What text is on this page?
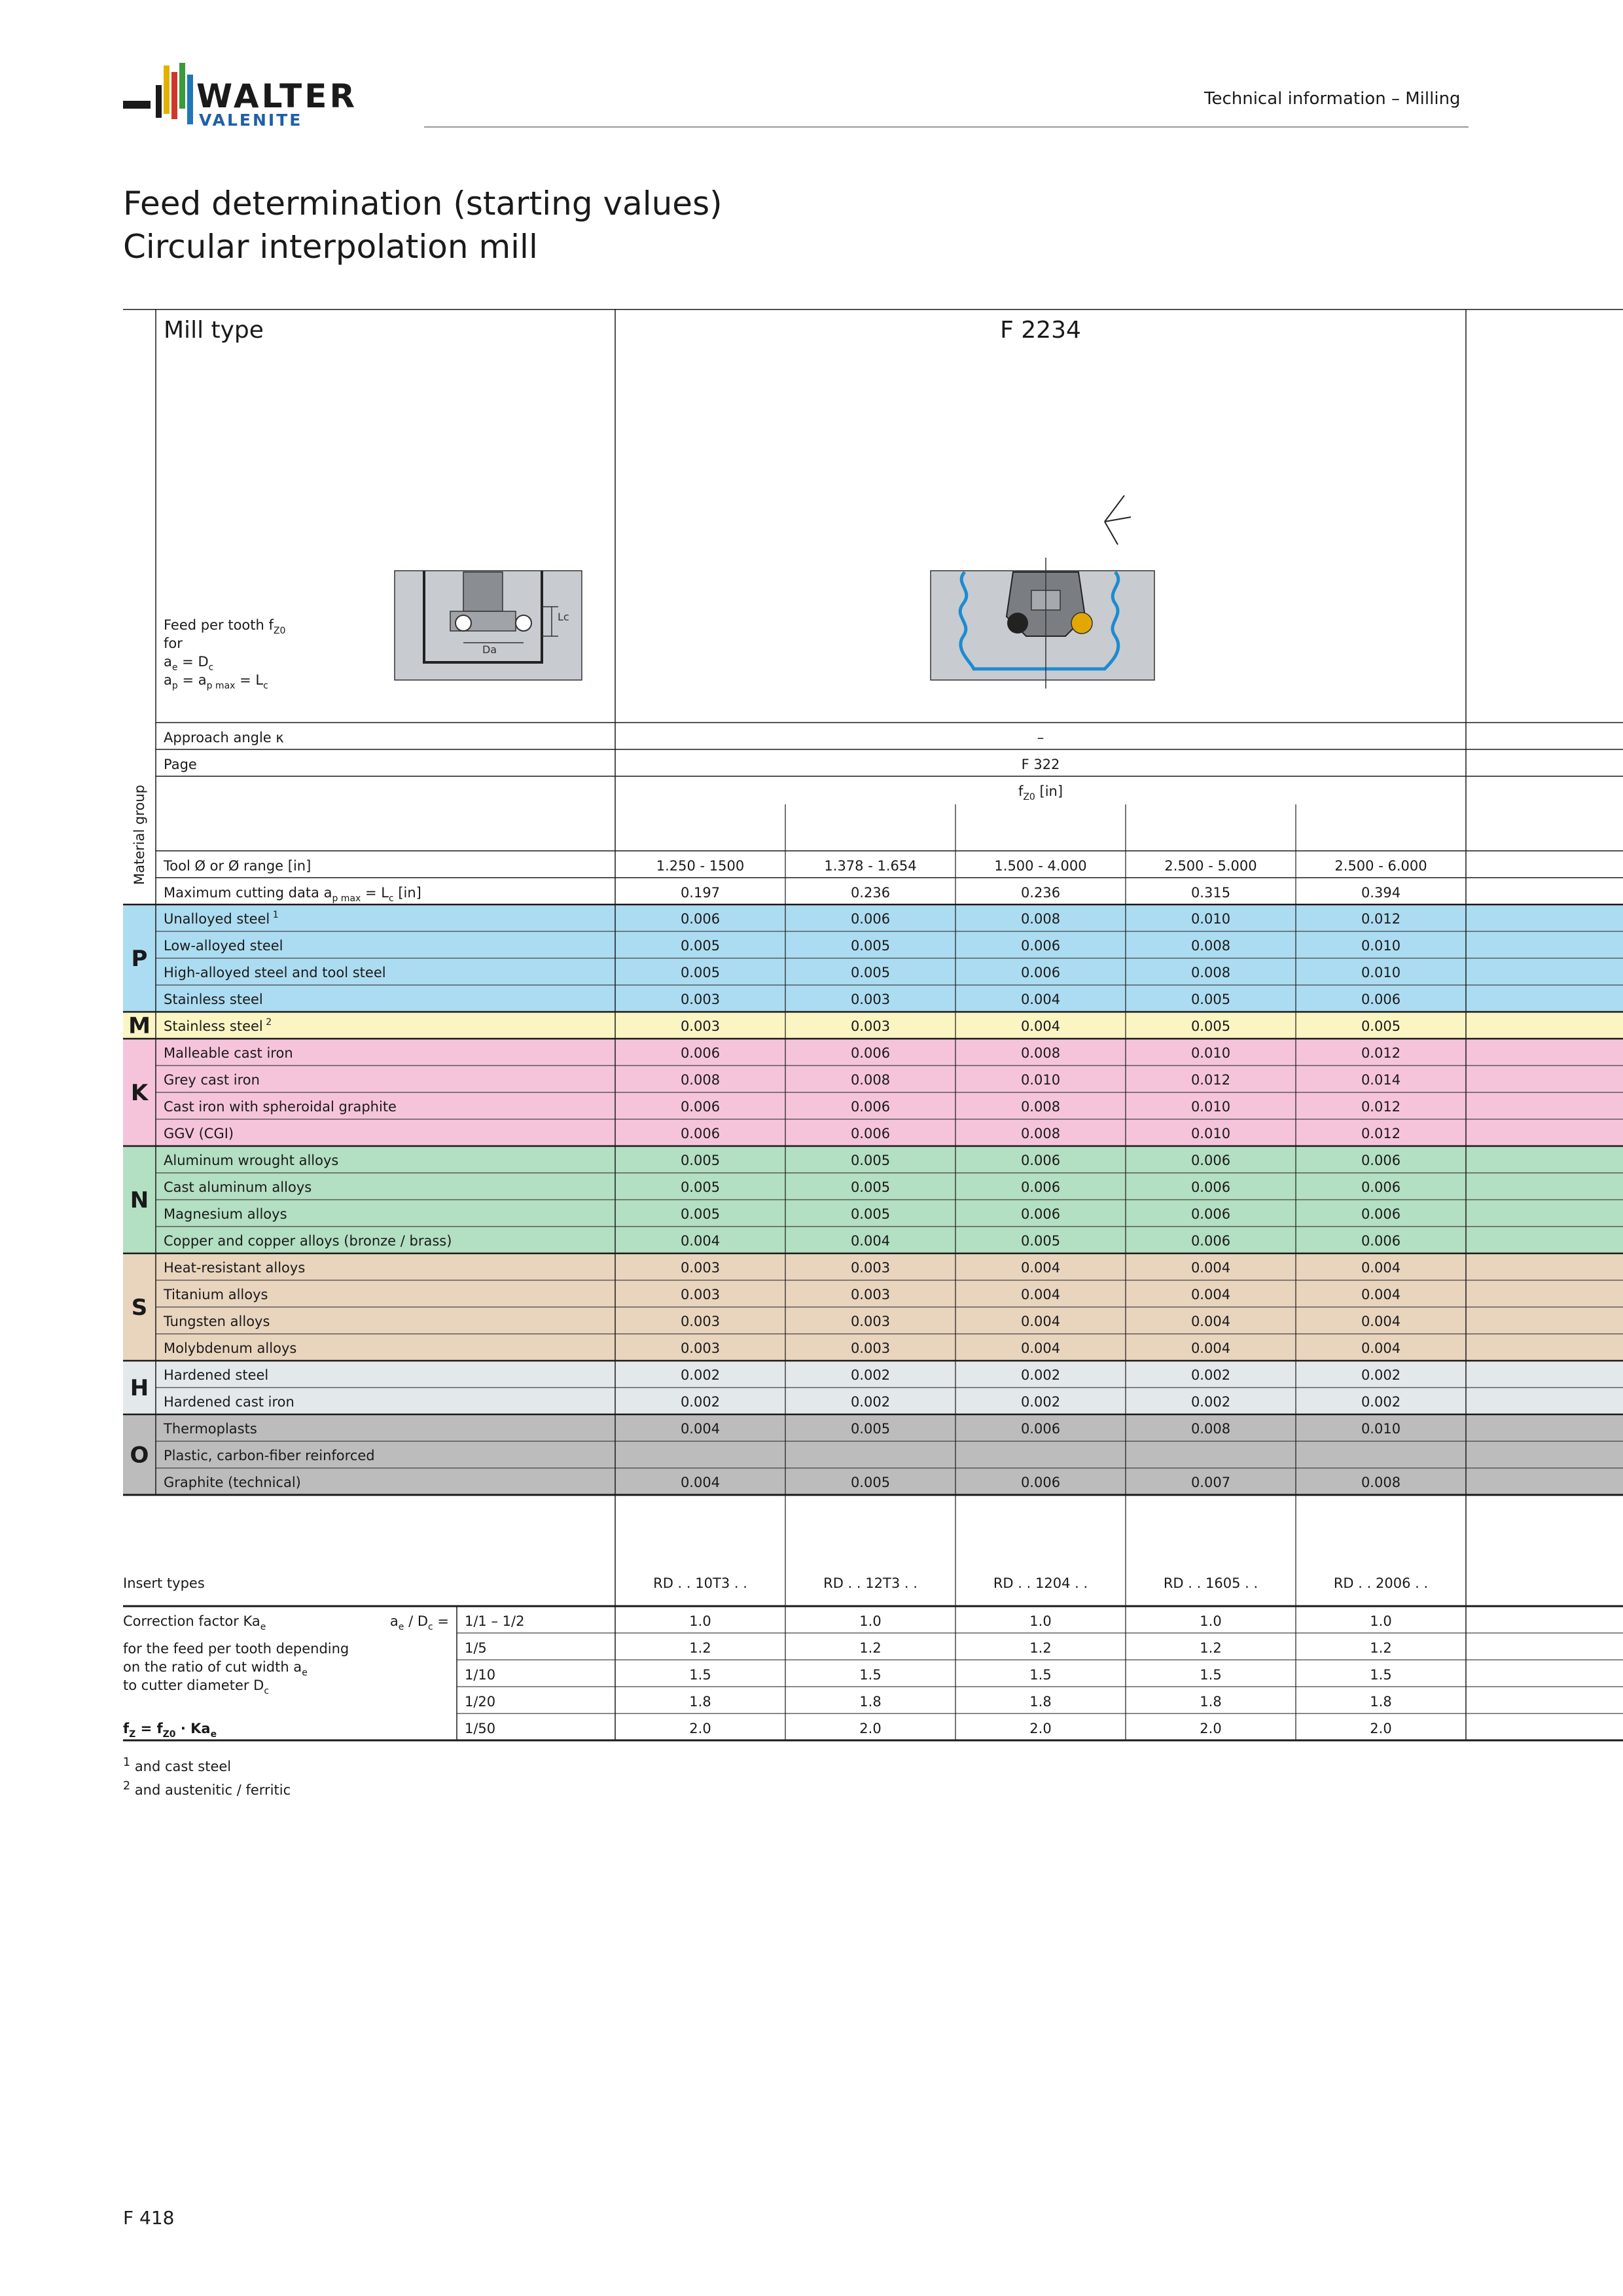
WALTER
VALENITE
Technical information – Milling
Feed determination (starting values)
Circular interpolation mill
Lc
Da
Mill type	F 2234
Feed per tooth $f_{Z0}$
for
$a_e = D_c$
$a_p = a_{p max} = L_c$
Approach angle κ	–
Page	F 322
$f_{Z0}$ [in]
Tool Ø or Ø range [in]	1.250 - 1500	1.378 - 1.654	1.500 - 4.000	2.500 - 5.000	2.500 - 6.000
Maximum cutting data $a_{p max} = L_c$ [in]	0.197	0.236	0.236	0.315	0.394
Material group
Unalloyed steel $^1$	0.006	0.006	0.008	0.010	0.012
Low-alloyed steel	0.005	0.005	0.006	0.008	0.010
High-alloyed steel and tool steel	0.005	0.005	0.006	0.008	0.010
Stainless steel	0.003	0.003	0.004	0.005	0.006
P
Stainless steel $^2$	0.003	0.003	0.004	0.005	0.005
M
Malleable cast iron	0.006	0.006	0.008	0.010	0.012
Grey cast iron	0.008	0.008	0.010	0.012	0.014
Cast iron with spheroidal graphite	0.006	0.006	0.008	0.010	0.012
GGV (CGI)	0.006	0.006	0.008	0.010	0.012
K
Aluminum wrought alloys	0.005	0.005	0.006	0.006	0.006
Cast aluminum alloys	0.005	0.005	0.006	0.006	0.006
Magnesium alloys	0.005	0.005	0.006	0.006	0.006
Copper and copper alloys (bronze / brass)	0.004	0.004	0.005	0.006	0.006
N
Heat-resistant alloys	0.003	0.003	0.004	0.004	0.004
Titanium alloys	0.003	0.003	0.004	0.004	0.004
Tungsten alloys	0.003	0.003	0.004	0.004	0.004
Molybdenum alloys	0.003	0.003	0.004	0.004	0.004
S
Hardened steel	0.002	0.002	0.002	0.002	0.002
Hardened cast iron	0.002	0.002	0.002	0.002	0.002
H
Thermoplasts	0.004	0.005	0.006	0.008	0.010
Plastic, carbon-fiber reinforced
Graphite (technical)	0.004	0.005	0.006	0.007	0.008
O
Insert types	RD . . 10T3 . .	RD . . 12T3 . .	RD . . 1204 . .	RD . . 1605 . .	RD . . 2006 . .
Correction factor $Ka_e$	$a_e / D_c$ =
for the feed per tooth depending
on the ratio of cut width $a_e$
to cutter diameter $D_c$
$f_Z = f_{Z0} \cdot Ka_e$
1/1 – 1/2	1.0	1.0	1.0	1.0	1.0
1/5	1.2	1.2	1.2	1.2	1.2
1/10	1.5	1.5	1.5	1.5	1.5
1/20	1.8	1.8	1.8	1.8	1.8
1/50	2.0	2.0	2.0	2.0	2.0
$^1$ and cast steel
$^2$ and austenitic / ferritic
F 418
